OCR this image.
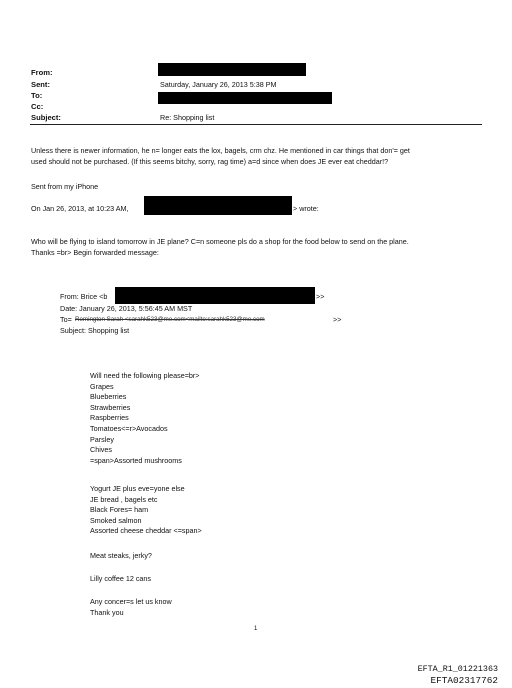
From:
Sent:	Saturday, January 26, 2013 5:38 PM
To:
Cc:
Subject:	Re: Shopping list
Unless there is newer information, he n= longer eats the lox, bagels, crm chz. He mentioned in car things that don'= get
used should not be purchased. (If this seems bitchy, sorry, rag time) a=d since when does JE ever eat cheddar!?
Sent from my iPhone
On Jan 26, 2013, at 10:23 AM,	> wrote:
Who will be flying to island tomorrow in JE plane? C=n someone pls do a shop for the food below to send on the plane.
Thanks =br> Begin forwarded message:
From: Brice <b	>>
Date: January 26, 2013, 5:56:45 AM MST
To= Remington Sarah <sarahk523@me.com<mailto:sarahk523@me.com	>>
Subject: Shopping list
Will need the following please=br>
Grapes
Blueberries
Strawberries
Raspberries
Tomatoes<=r>Avocados
Parsley
Chives
=span>Assorted mushrooms
Yogurt JE plus eve=yone else
JE bread , bagels etc
Black Fores= ham
Smoked salmon
Assorted cheese cheddar <=span>
Meat steaks, jerky?
Lilly coffee 12 cans
Any concer=s let us know
Thank you
1
EFTA_R1_01221363
EFTA02317762
